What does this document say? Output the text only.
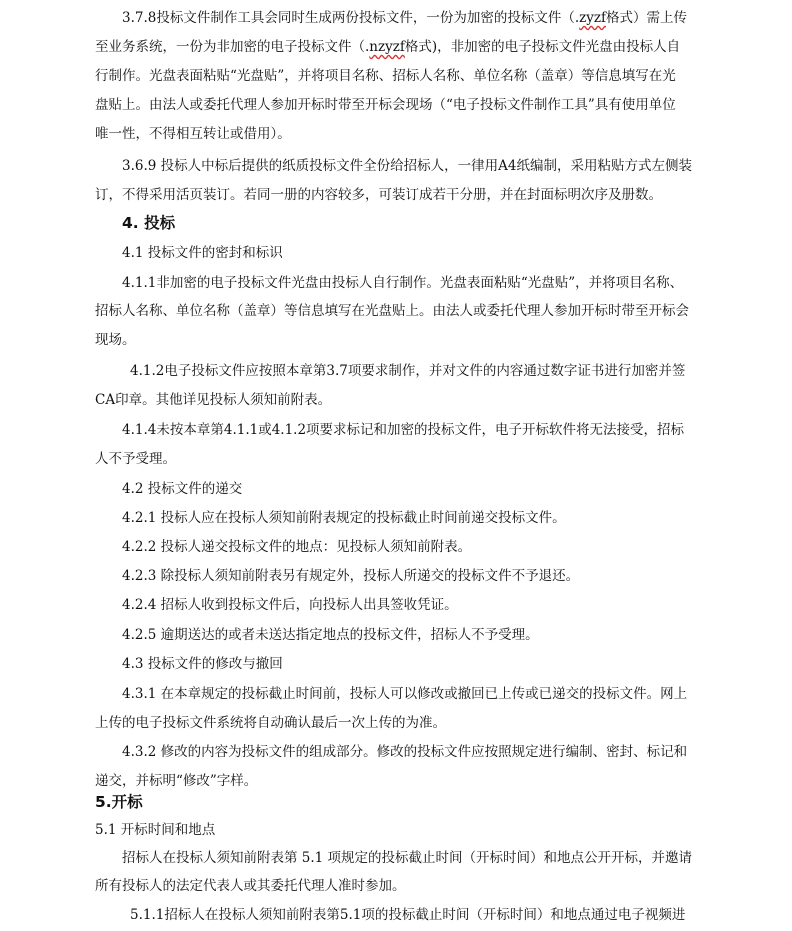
3.7.8投标文件制作工具会同时生成两份投标文件，一份为加密的投标文件（.zyzf格式）需上传
至业务系统，一份为非加密的电子投标文件（.nzyzf格式)，非加密的电子投标文件光盘由投标人自
行制作。光盘表面粘贴“光盘贴”，并将项目名称、招标人名称、单位名称（盖章）等信息填写在光
盘贴上。由法人或委托代理人参加开标时带至开标会现场（“电子投标文件制作工具”具有使用单位
唯一性，不得相互转让或借用）。
3.6.9 投标人中标后提供的纸质投标文件全份给招标人，一律用A4纸编制，采用粘贴方式左侧装
订，不得采用活页装订。若同一册的内容较多，可装订成若干分册，并在封面标明次序及册数。
4. 投标
4.1 投标文件的密封和标识
4.1.1非加密的电子投标文件光盘由投标人自行制作。光盘表面粘贴“光盘贴”，并将项目名称、
招标人名称、单位名称（盖章）等信息填写在光盘贴上。由法人或委托代理人参加开标时带至开标会
现场。
4.1.2电子投标文件应按照本章第3.7项要求制作，并对文件的内容通过数字证书进行加密并签
CA印章。其他详见投标人须知前附表。
4.1.4未按本章第4.1.1或4.1.2项要求标记和加密的投标文件，电子开标软件将无法接受，招标
人不予受理。
4.2 投标文件的递交
4.2.1 投标人应在投标人须知前附表规定的投标截止时间前递交投标文件。
4.2.2 投标人递交投标文件的地点：见投标人须知前附表。
4.2.3 除投标人须知前附表另有规定外，投标人所递交的投标文件不予退还。
4.2.4 招标人收到投标文件后，向投标人出具签收凭证。
4.2.5 逾期送达的或者未送达指定地点的投标文件，招标人不予受理。
4.3 投标文件的修改与撤回
4.3.1 在本章规定的投标截止时间前，投标人可以修改或撤回已上传或已递交的投标文件。网上
上传的电子投标文件系统将自动确认最后一次上传的为准。
4.3.2 修改的内容为投标文件的组成部分。修改的投标文件应按照规定进行编制、密封、标记和
递交，并标明“修改”字样。
5.开标
5.1 开标时间和地点
招标人在投标人须知前附表第 5.1 项规定的投标截止时间（开标时间）和地点公开开标，并邀请
所有投标人的法定代表人或其委托代理人准时参加。
5.1.1招标人在投标人须知前附表第5.1项的投标截止时间（开标时间）和地点通过电子视频进
